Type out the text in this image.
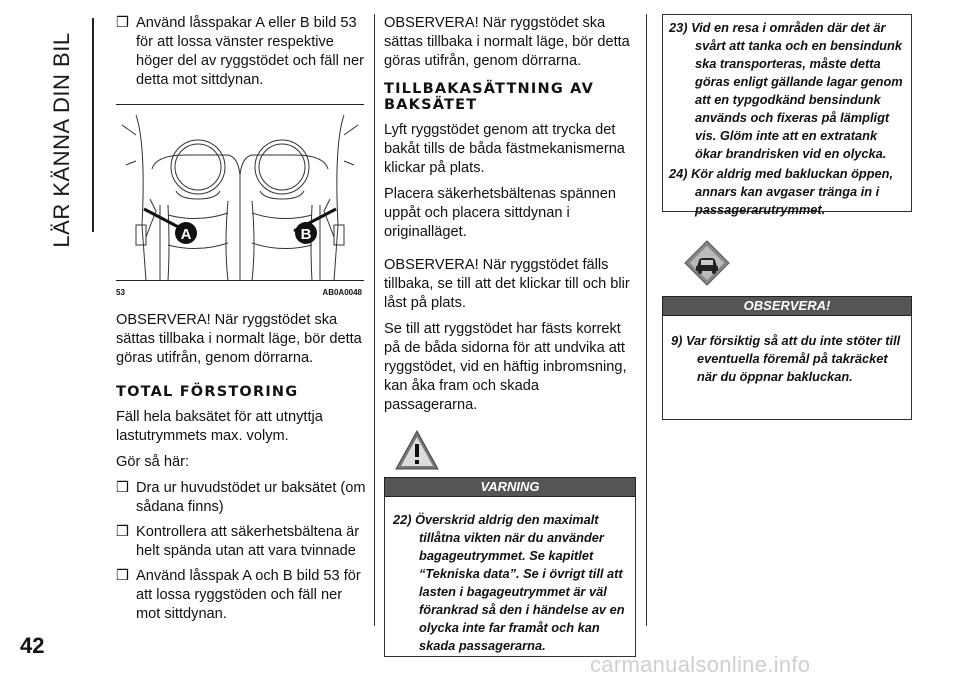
LÄR KÄNNA DIN BIL
42

❒ Använd låsspakar A eller B bild 53 för att lossa vänster respektive höger del av ryggstödet och fäll ner detta mot sittdynan.

A	B
53	AB0A0048

OBSERVERA! När ryggstödet ska sättas tillbaka i normalt läge, bör detta göras utifrån, genom dörrarna.

TOTAL FÖRSTORING

Fäll hela baksätet för att utnyttja lastutrymmets max. volym.

Gör så här:

❒ Dra ur huvudstödet ur baksätet (om sådana finns)

❒ Kontrollera att säkerhetsbältena är helt spända utan att vara tvinnade

❒ Använd låsspak A och B bild 53 för att lossa ryggstöden och fäll ner mot sittdynan.

OBSERVERA! När ryggstödet ska sättas tillbaka i normalt läge, bör detta göras utifrån, genom dörrarna.

TILLBAKASÄTTNING AV BAKSÄTET

Lyft ryggstödet genom att trycka det bakåt tills de båda fästmekanismerna klickar på plats.

Placera säkerhetsbältenas spännen uppåt och placera sittdynan i originalläget.

OBSERVERA! När ryggstödet fälls tillbaka, se till att det klickar till och blir låst på plats.

Se till att ryggstödet har fästs korrekt på de båda sidorna för att undvika att ryggstödet, vid en häftig inbromsning, kan åka fram och skada passagerarna.

VARNING

22) Överskrid aldrig den maximalt tillåtna vikten när du använder bagageutrymmet. Se kapitlet “Tekniska data”. Se i övrigt till att lasten i bagageutrymmet är väl förankrad så den i händelse av en olycka inte far framåt och kan skada passagerarna.

23) Vid en resa i områden där det är svårt att tanka och en bensindunk ska transporteras, måste detta göras enligt gällande lagar genom att en typgodkänd bensindunk används och fixeras på lämpligt vis. Glöm inte att en extratank ökar brandrisken vid en olycka.

24) Kör aldrig med bakluckan öppen, annars kan avgaser tränga in i passagerarutrymmet.

OBSERVERA!

9) Var försiktig så att du inte stöter till eventuella föremål på takräcket när du öppnar bakluckan.

carmanualsonline.info
